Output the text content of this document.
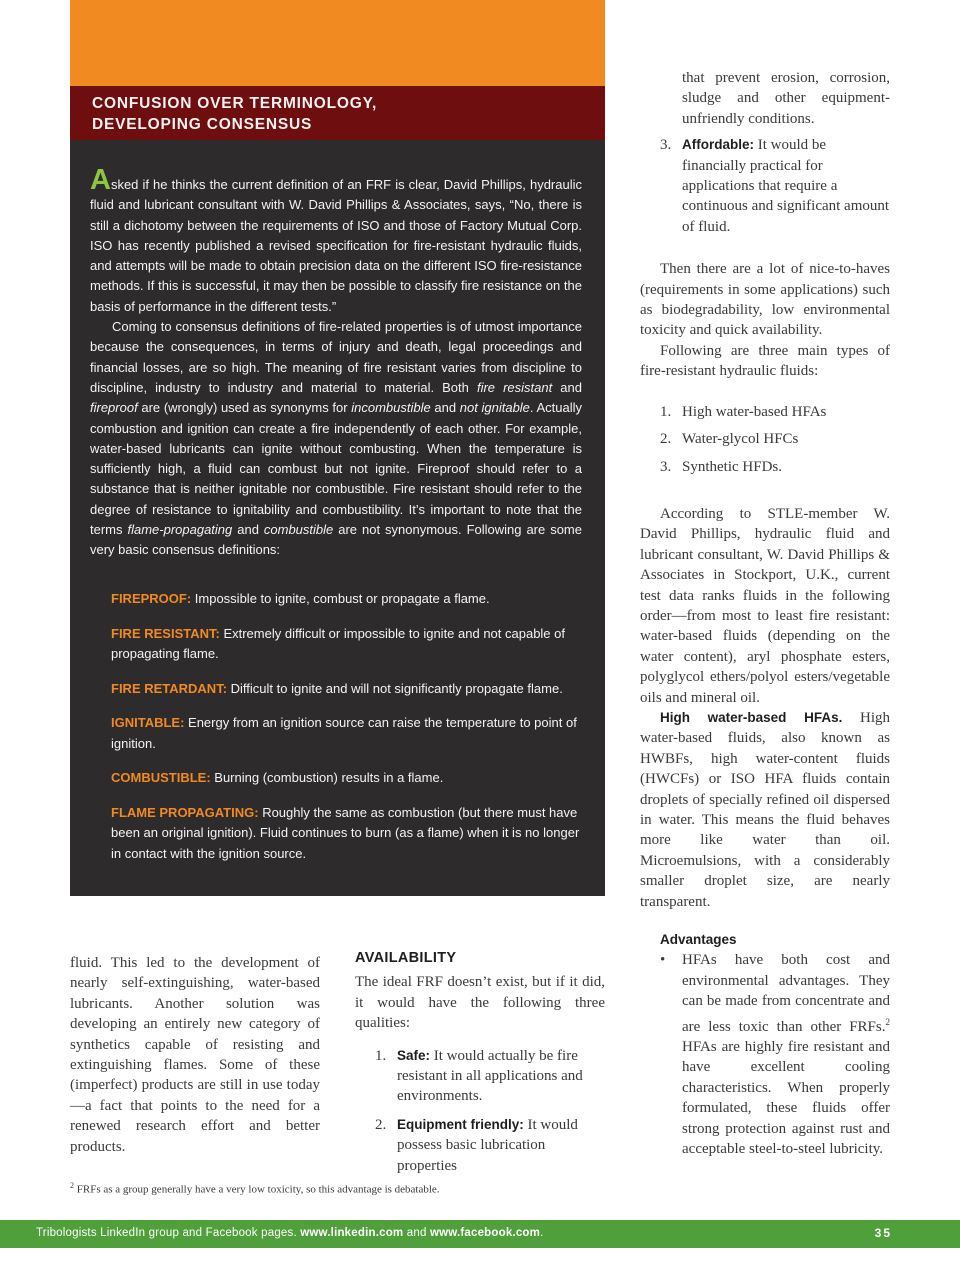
CONFUSION OVER TERMINOLOGY,
DEVELOPING CONSENSUS

Asked if he thinks the current definition of an FRF is clear, David Phillips, hydraulic fluid and lubricant consultant with W. David Phillips & Associates, says, “No, there is still a dichotomy between the requirements of ISO and those of Factory Mutual Corp. ISO has recently published a revised specification for fire-resistant hydraulic fluids, and attempts will be made to obtain precision data on the different ISO fire-resistance methods. If this is successful, it may then be possible to classify fire resistance on the basis of performance in the different tests.”

Coming to consensus definitions of fire-related properties is of utmost importance because the consequences, in terms of injury and death, legal proceedings and financial losses, are so high. The meaning of fire resistant varies from discipline to discipline, industry to industry and material to material. Both fire resistant and fireproof are (wrongly) used as synonyms for incombustible and not ignitable. Actually combustion and ignition can create a fire independently of each other. For example, water-based lubricants can ignite without combusting. When the temperature is sufficiently high, a fluid can combust but not ignite. Fireproof should refer to a substance that is neither ignitable nor combustible. Fire resistant should refer to the degree of resistance to ignitability and combustibility. It’s important to note that the terms flame-propagating and combustible are not synonymous. Following are some very basic consensus definitions:

FIREPROOF: Impossible to ignite, combust or propagate a flame.

FIRE RESISTANT: Extremely difficult or impossible to ignite and not capable of propagating flame.

FIRE RETARDANT: Difficult to ignite and will not significantly propagate flame.

IGNITABLE: Energy from an ignition source can raise the temperature to point of ignition.

COMBUSTIBLE: Burning (combustion) results in a flame.

FLAME PROPAGATING: Roughly the same as combustion (but there must have been an original ignition). Fluid continues to burn (as a flame) when it is no longer in contact with the ignition source.

fluid. This led to the development of nearly self-extinguishing, water-based lubricants. Another solution was developing an entirely new category of synthetics capable of resisting and extinguishing flames. Some of these (imperfect) products are still in use today—a fact that points to the need for a renewed research effort and better products.

AVAILABILITY

The ideal FRF doesn’t exist, but if it did, it would have the following three qualities:

1. Safe: It would actually be fire resistant in all applications and environments.
2. Equipment friendly: It would possess basic lubrication properties

that prevent erosion, corrosion, sludge and other equipment-unfriendly conditions.

3. Affordable: It would be financially practical for applications that require a continuous and significant amount of fluid.

Then there are a lot of nice-to-haves (requirements in some applications) such as biodegradability, low environmental toxicity and quick availability.

Following are three main types of fire-resistant hydraulic fluids:

1. High water-based HFAs
2. Water-glycol HFCs
3. Synthetic HFDs.

According to STLE-member W. David Phillips, hydraulic fluid and lubricant consultant, W. David Phillips & Associates in Stockport, U.K., current test data ranks fluids in the following order—from most to least fire resistant: water-based fluids (depending on the water content), aryl phosphate esters, polyglycol ethers/polyol esters/vegetable oils and mineral oil.

High water-based HFAs. High water-based fluids, also known as HWBFs, high water-content fluids (HWCFs) or ISO HFA fluids contain droplets of specially refined oil dispersed in water. This means the fluid behaves more like water than oil. Microemulsions, with a considerably smaller droplet size, are nearly transparent.

Advantages
• HFAs have both cost and environmental advantages. They can be made from concentrate and are less toxic than other FRFs.$^2$ HFAs are highly fire resistant and have excellent cooling characteristics. When properly formulated, these fluids offer strong protection against rust and acceptable steel-to-steel lubricity.

$^2$ FRFs as a group generally have a very low toxicity, so this advantage is debatable.
Tribologists LinkedIn group and Facebook pages. www.linkedin.com and www.facebook.com.	35
